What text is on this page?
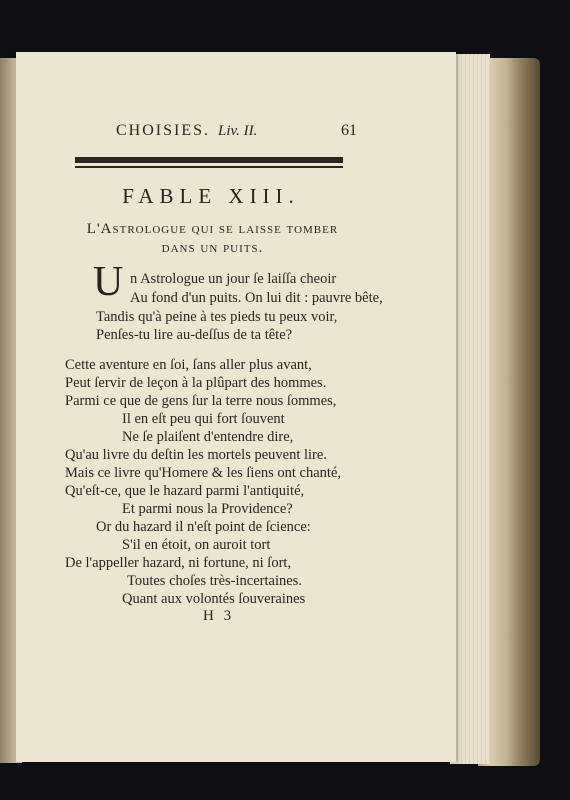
CHOISIES. Liv. II.	61
FABLE XIII.
L'Astrologue qui se laisse tomber
dans un puits.
U n Astrologue un jour ſe laiſſa cheoir
Au fond d'un puits. On lui dit : pauvre bête,
Tandis qu'à peine à tes pieds tu peux voir,
Penſes-tu lire au-deſſus de ta tête?
Cette aventure en ſoi, ſans aller plus avant,
Peut ſervir de leçon à la plûpart des hommes.
Parmi ce que de gens ſur la terre nous ſommes,
Il en eſt peu qui fort ſouvent
Ne ſe plaiſent d'entendre dire,
Qu'au livre du deſtin les mortels peuvent lire.
Mais ce livre qu'Homere & les ſiens ont chanté,
Qu'eſt-ce, que le hazard parmi l'antiquité,
Et parmi nous la Providence?
Or du hazard il n'eſt point de ſcience:
S'il en étoit, on auroit tort
De l'appeller hazard, ni fortune, ni ſort,
Toutes choſes très-incertaines.
Quant aux volontés ſouveraines
H 3
